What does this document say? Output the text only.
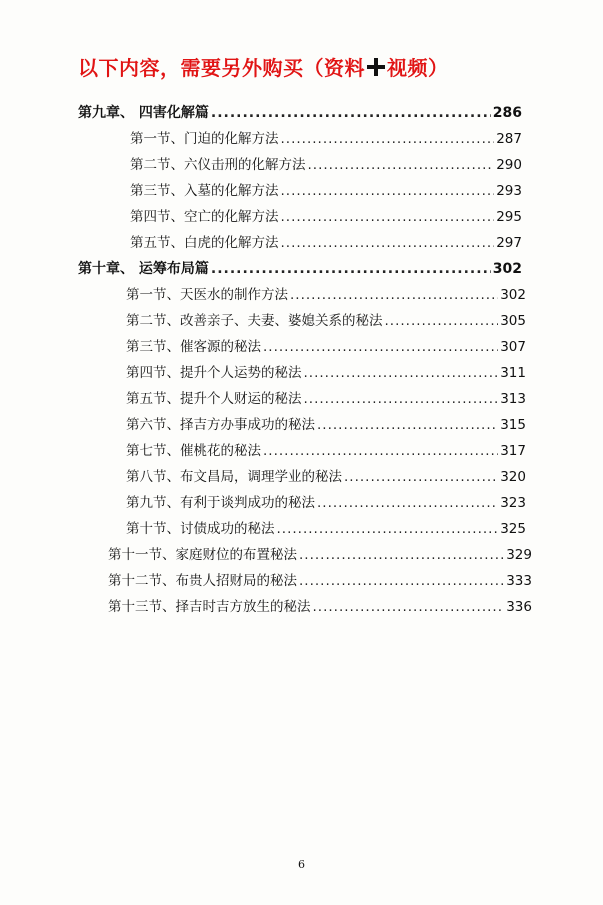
以下内容，需要另外购买（资料 视频）
第九章、 四害化解篇 .....	286
第一节、门迫的化解方法 .....	287
第二节、六仪击刑的化解方法 .....	290
第三节、入墓的化解方法 .....	293
第四节、空亡的化解方法 .....	295
第五节、白虎的化解方法 .....	297
第十章、 运筹布局篇 .....	302
第一节、天医水的制作方法 .....	302
第二节、改善亲子、夫妻、婆媳关系的秘法 .....	305
第三节、催客源的秘法 .....	307
第四节、提升个人运势的秘法 .....	311
第五节、提升个人财运的秘法 .....	313
第六节、择吉方办事成功的秘法 .....	315
第七节、催桃花的秘法 .....	317
第八节、布文昌局，调理学业的秘法 .....	320
第九节、有利于谈判成功的秘法 .....	323
第十节、讨债成功的秘法 .....	325
第十一节、家庭财位的布置秘法 .....	329
第十二节、布贵人招财局的秘法 .....	333
第十三节、择吉时吉方放生的秘法 .....	336
6
